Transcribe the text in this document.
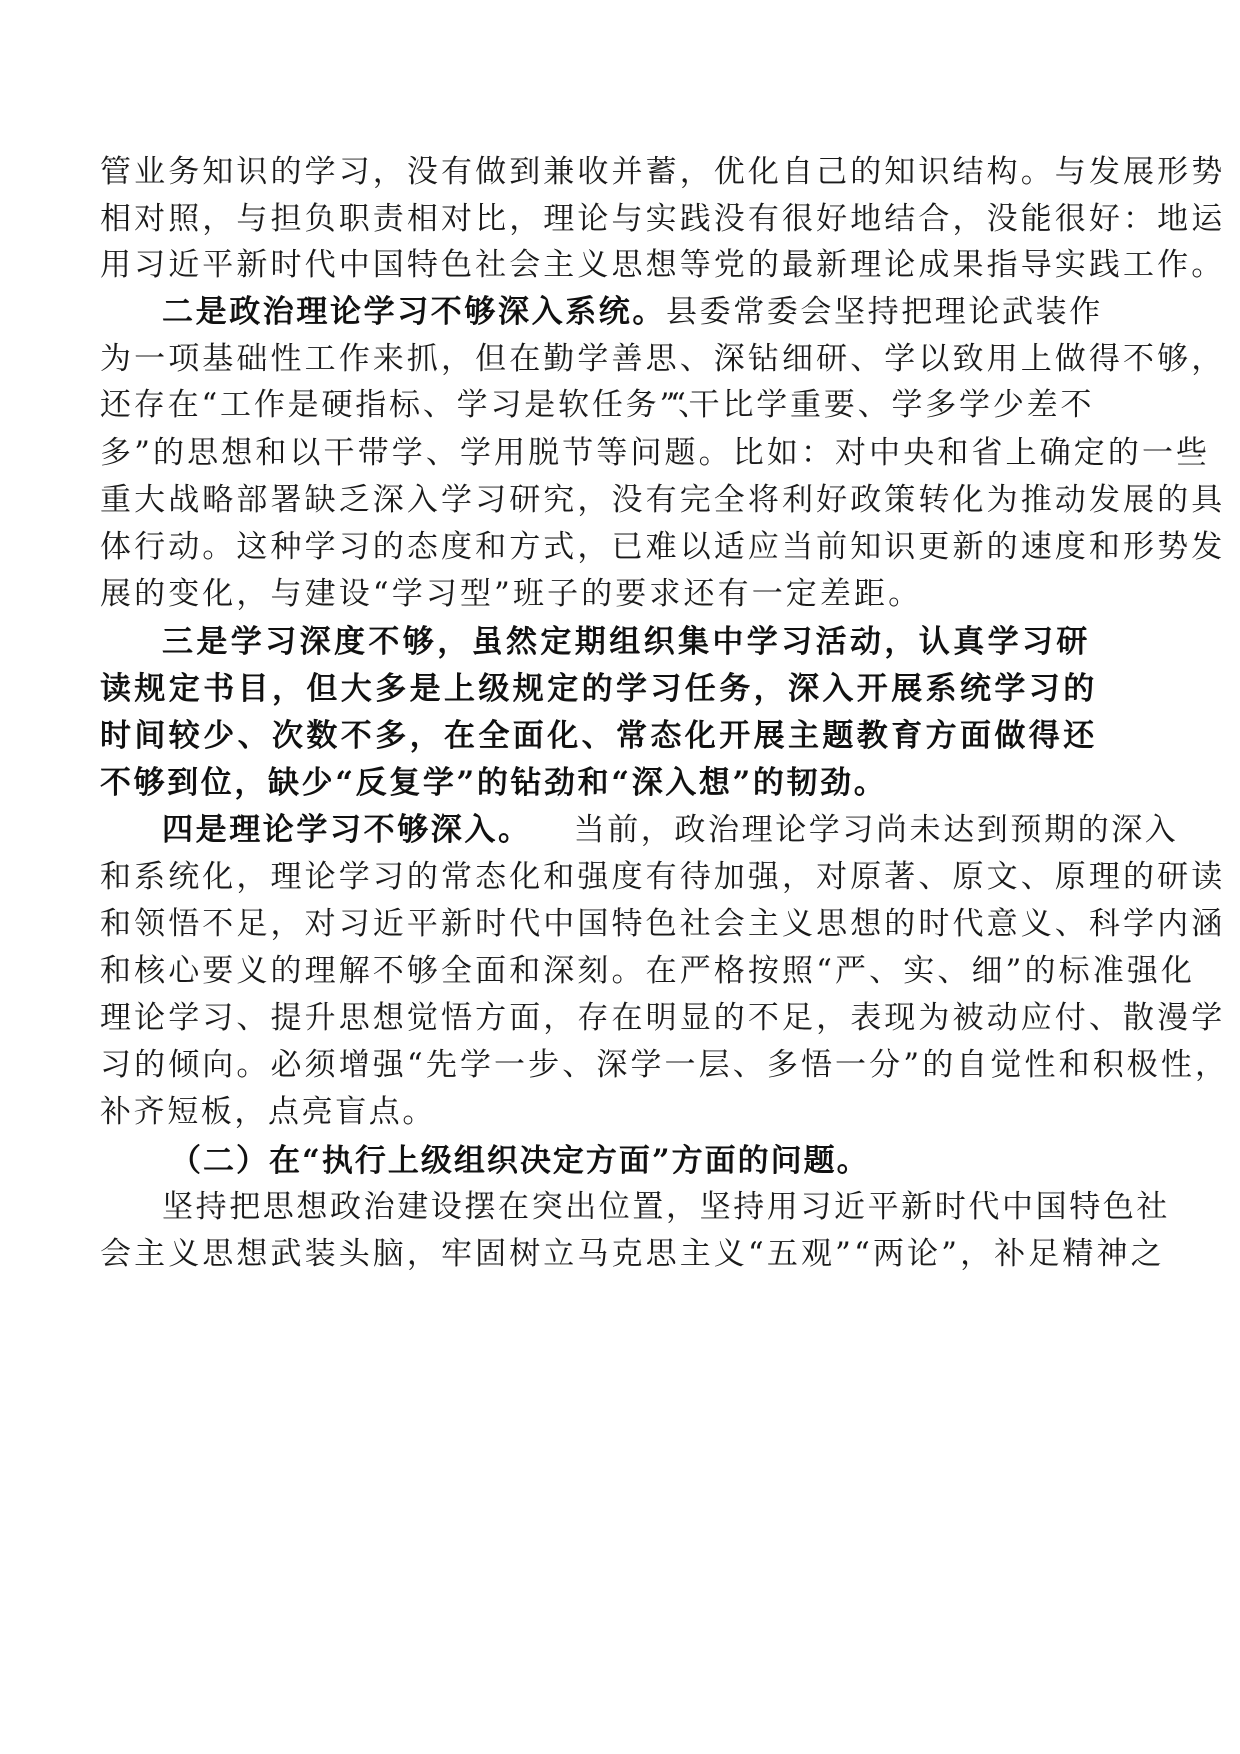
管业务知识的学习，没有做到兼收并蓄，优化自己的知识结构。与发展形势
相对照，与担负职责相对比，理论与实践没有很好地结合，没能很好：地运
用习近平新时代中国特色社会主义思想等党的最新理论成果指导实践工作。
二是政治理论学习不够深入系统。县委常委会坚持把理论武装作
为一项基础性工作来抓，但在勤学善思、深钻细研、学以致用上做得不够，
还存在“工作是硬指标、学习是软任务”、
“干比学重要、学多学少差不
多”的思想和以干带学、学用脱节等问题。比如：对中央和省上确定的一些
重大战略部署缺乏深入学习研究，没有完全将利好政策转化为推动发展的具
体行动。这种学习的态度和方式，已难以适应当前知识更新的速度和形势发
展的变化，与建设“学习型”班子的要求还有一定差距。
三是学习深度不够，虽然定期组织集中学习活动，认真学习研
读规定书目，但大多是上级规定的学习任务，深入开展系统学习的
时间较少、次数不多，在全面化、常态化开展主题教育方面做得还
不够到位，缺少“反复学”的钻劲和“深入想”的韧劲。
四是理论学习不够深入。 当前，政治理论学习尚未达到预期的深入
和系统化，理论学习的常态化和强度有待加强，对原著、原文、原理的研读
和领悟不足，对习近平新时代中国特色社会主义思想的时代意义、科学内涵
和核心要义的理解不够全面和深刻。在严格按照“严、实、细”的标准强化
理论学习、提升思想觉悟方面，存在明显的不足，表现为被动应付、散漫学
习的倾向。必须增强“先学一步、深学一层、多悟一分”的自觉性和积极性，
补齐短板，点亮盲点。
（二）在“执行上级组织决定方面”方面的问题。
坚持把思想政治建设摆在突出位置，坚持用习近平新时代中国特色社
会主义思想武装头脑，牢固树立马克思主义“五观”“两论”，补足精神之
